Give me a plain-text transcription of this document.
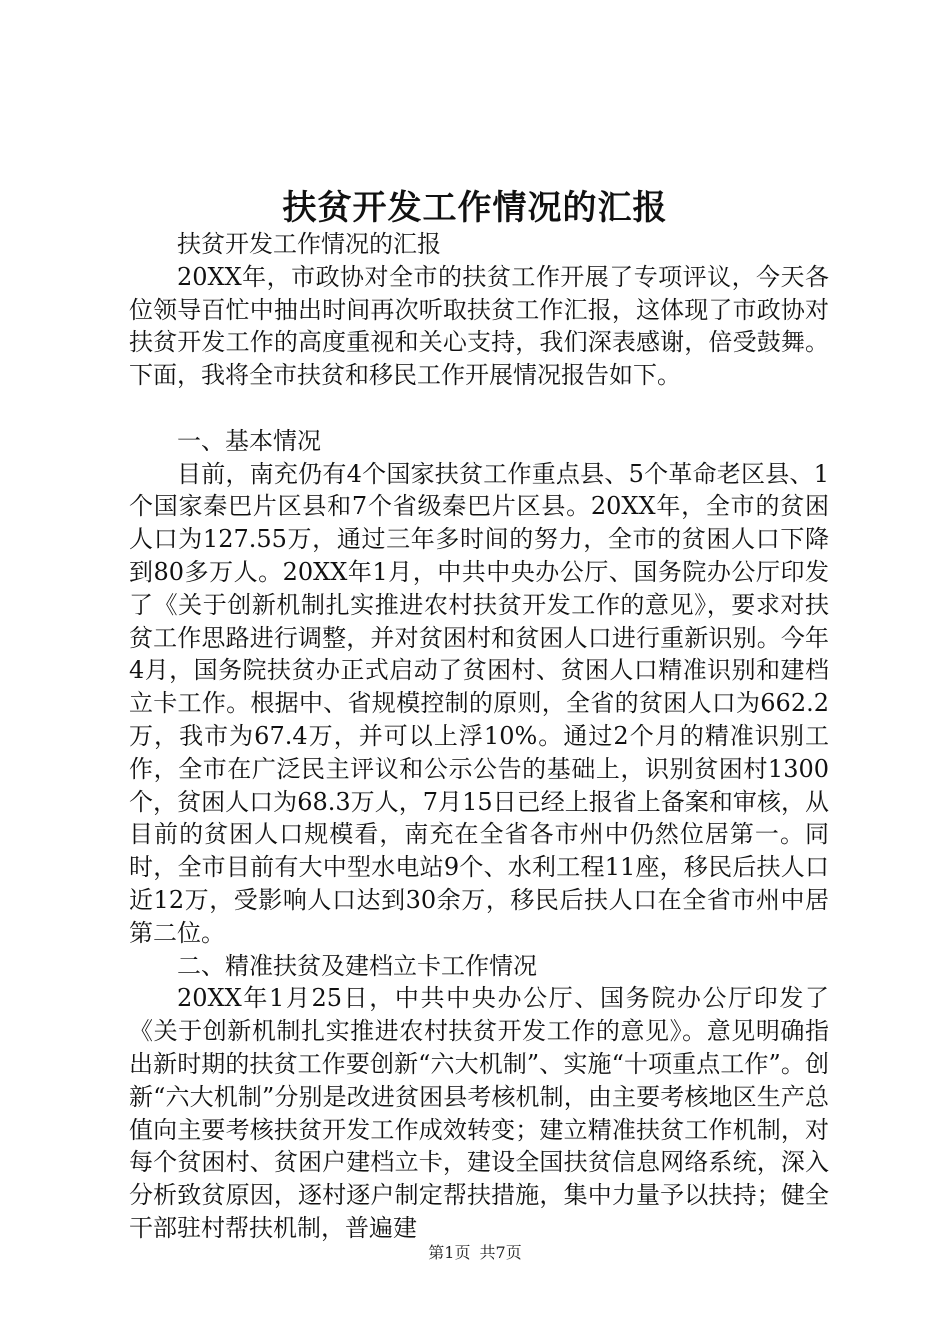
扶贫开发工作情况的汇报

扶贫开发工作情况的汇报

20XX年，市政协对全市的扶贫工作开展了专项评议，今天各位领导百忙中抽出时间再次听取扶贫工作汇报，这体现了市政协对扶贫开发工作的高度重视和关心支持，我们深表感谢，倍受鼓舞。下面，我将全市扶贫和移民工作开展情况报告如下。

一、基本情况

目前，南充仍有4个国家扶贫工作重点县、5个革命老区县、1个国家秦巴片区县和7个省级秦巴片区县。20XX年，全市的贫困人口为127.55万，通过三年多时间的努力，全市的贫困人口下降到80多万人。20XX年1月，中共中央办公厅、国务院办公厅印发了《关于创新机制扎实推进农村扶贫开发工作的意见》，要求对扶贫工作思路进行调整，并对贫困村和贫困人口进行重新识别。今年4月，国务院扶贫办正式启动了贫困村、贫困人口精准识别和建档立卡工作。根据中、省规模控制的原则，全省的贫困人口为662.2万，我市为67.4万，并可以上浮10%。通过2个月的精准识别工作，全市在广泛民主评议和公示公告的基础上，识别贫困村1300个，贫困人口为68.3万人，7月15日已经上报省上备案和审核，从目前的贫困人口规模看，南充在全省各市州中仍然位居第一。同时，全市目前有大中型水电站9个、水利工程11座，移民后扶人口近12万，受影响人口达到30余万，移民后扶人口在全省市州中居第二位。

二、精准扶贫及建档立卡工作情况

20XX年1月25日，中共中央办公厅、国务院办公厅印发了《关于创新机制扎实推进农村扶贫开发工作的意见》。意见明确指出新时期的扶贫工作要创新“六大机制”、实施“十项重点工作”。创新“六大机制”分别是改进贫困县考核机制，由主要考核地区生产总值向主要考核扶贫开发工作成效转变；建立精准扶贫工作机制，对每个贫困村、贫困户建档立卡，建设全国扶贫信息网络系统，深入分析致贫原因，逐村逐户制定帮扶措施，集中力量予以扶持；健全干部驻村帮扶机制，普遍建

第1页 共7页
